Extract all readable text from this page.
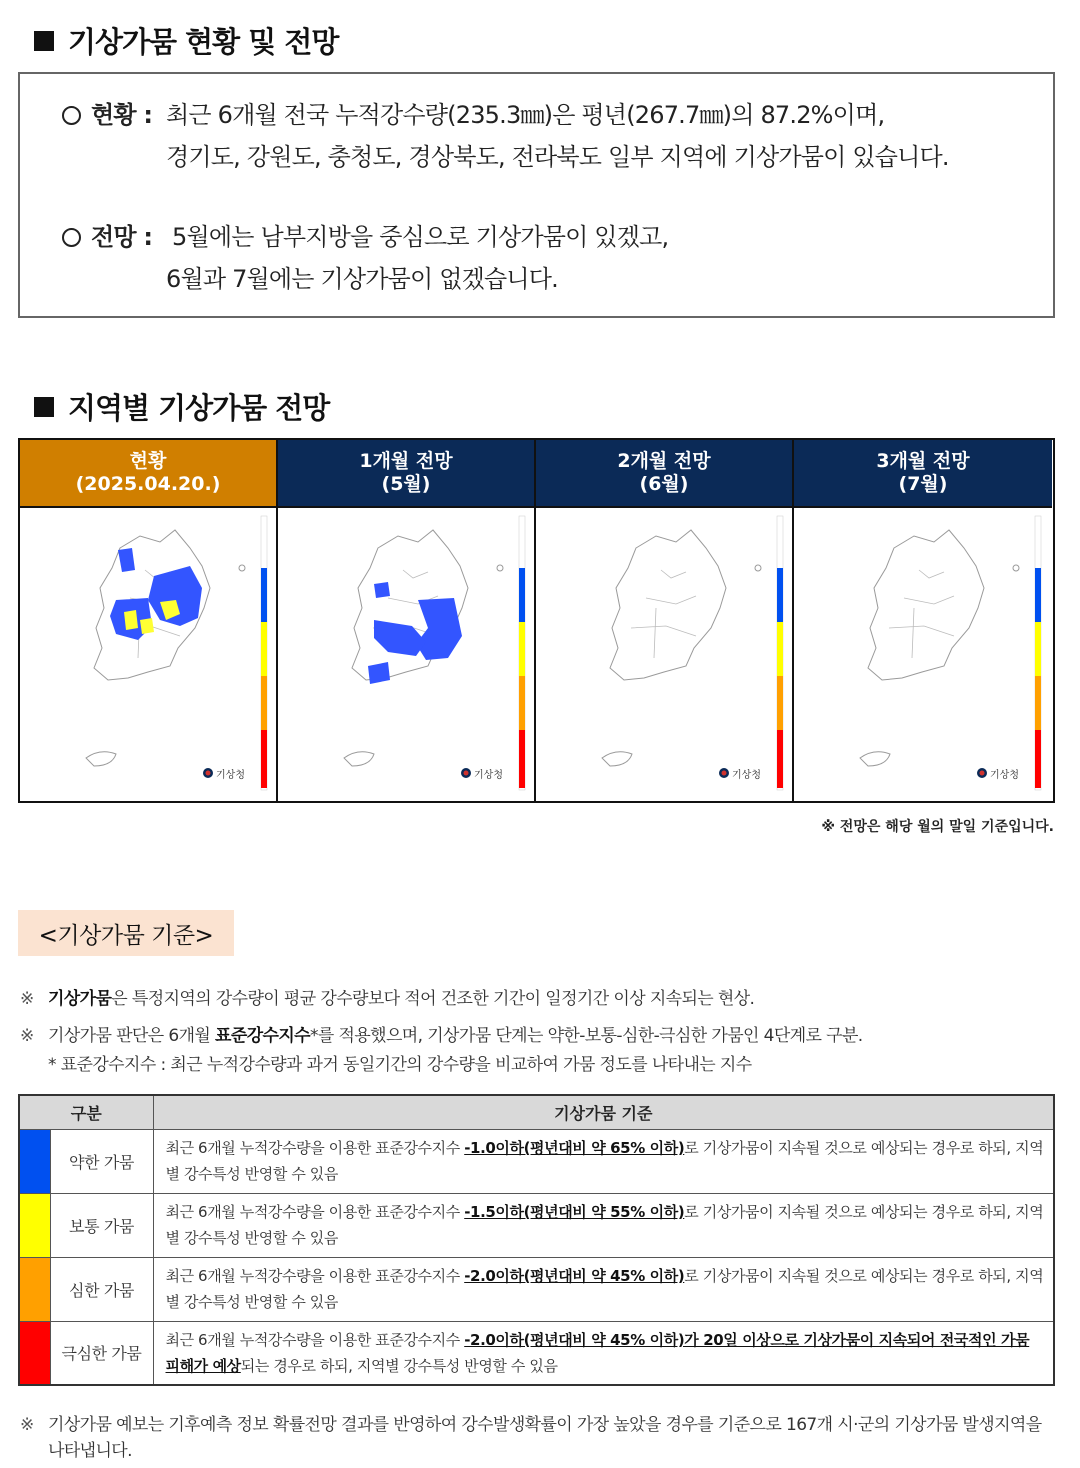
기상가뭄 현황 및 전망
현황 : 최근 6개월 전국 누적강수량(235.3㎜)은 평년(267.7㎜)의 87.2%이며,
경기도, 강원도, 충청도, 경상북도, 전라북도 일부 지역에 기상가뭄이 있습니다.
전망 : 5월에는 남부지방을 중심으로 기상가뭄이 있겠고,
6월과 7월에는 기상가뭄이 없겠습니다.
지역별 기상가뭄 전망
현황
(2025.04.20.)
기상청
1개월 전망
(5월)
기상청
2개월 전망
(6월)
기상청
3개월 전망
(7월)
기상청
※ 전망은 해당 월의 말일 기준입니다.
<기상가뭄 기준>
※ 기상가뭄은 특정지역의 강수량이 평균 강수량보다 적어 건조한 기간이 일정기간 이상 지속되는 현상.
※ 기상가뭄 판단은 6개월 표준강수지수*를 적용했으며, 기상가뭄 단계는 약한-보통-심한-극심한 가뭄인 4단계로 구분.
* 표준강수지수 : 최근 누적강수량과 과거 동일기간의 강수량을 비교하여 가뭄 정도를 나타내는 지수
구분		기상가뭄 기준
	약한 가뭄	최근 6개월 누적강수량을 이용한 표준강수지수 -1.0이하(평년대비 약 65% 이하)로 기상가뭄이 지속될 것으로 예상되는 경우로 하되, 지역별 강수특성 반영할 수 있음
	보통 가뭄	최근 6개월 누적강수량을 이용한 표준강수지수 -1.5이하(평년대비 약 55% 이하)로 기상가뭄이 지속될 것으로 예상되는 경우로 하되, 지역별 강수특성 반영할 수 있음
	심한 가뭄	최근 6개월 누적강수량을 이용한 표준강수지수 -2.0이하(평년대비 약 45% 이하)로 기상가뭄이 지속될 것으로 예상되는 경우로 하되, 지역별 강수특성 반영할 수 있음
	극심한 가뭄	최근 6개월 누적강수량을 이용한 표준강수지수 -2.0이하(평년대비 약 45% 이하)가 20일 이상으로 기상가뭄이 지속되어 전국적인 가뭄 피해가 예상되는 경우로 하되, 지역별 강수특성 반영할 수 있음
※ 기상가뭄 예보는 기후예측 정보 확률전망 결과를 반영하여 강수발생확률이 가장 높았을 경우를 기준으로 167개 시·군의 기상가뭄 발생지역을 나타냅니다.
